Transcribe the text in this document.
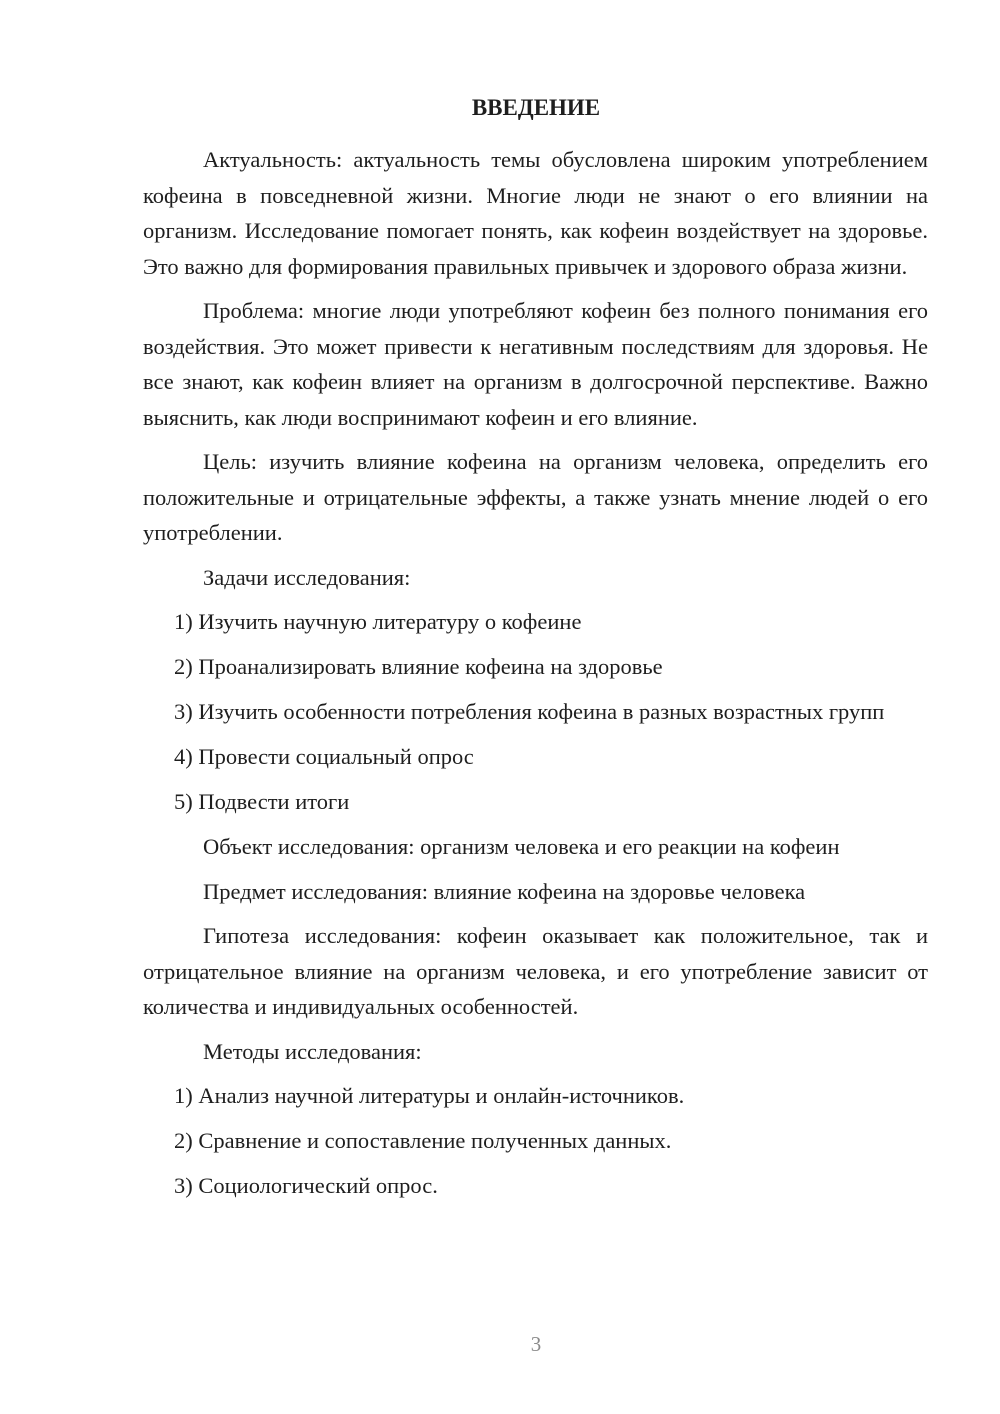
ВВЕДЕНИЕ

Актуальность: актуальность темы обусловлена широким употреблением кофеина в повседневной жизни. Многие люди не знают о его влиянии на организм. Исследование помогает понять, как кофеин воздействует на здоровье. Это важно для формирования правильных привычек и здорового образа жизни.

Проблема: многие люди употребляют кофеин без полного понимания его воздействия. Это может привести к негативным последствиям для здоровья. Не все знают, как кофеин влияет на организм в долгосрочной перспективе. Важно выяснить, как люди воспринимают кофеин и его влияние.

Цель: изучить влияние кофеина на организм человека, определить его положительные и отрицательные эффекты, а также узнать мнение людей о его употреблении.

Задачи исследования:

1) Изучить научную литературу о кофеине

2) Проанализировать влияние кофеина на здоровье

3) Изучить особенности потребления кофеина в разных возрастных групп

4) Провести социальный опрос

5) Подвести итоги

Объект исследования: организм человека и его реакции на кофеин

Предмет исследования: влияние кофеина на здоровье человека

Гипотеза исследования: кофеин оказывает как положительное, так и отрицательное влияние на организм человека, и его употребление зависит от количества и индивидуальных особенностей.

Методы исследования:

1) Анализ научной литературы и онлайн-источников.

2) Сравнение и сопоставление полученных данных.

3) Социологический опрос.

3
